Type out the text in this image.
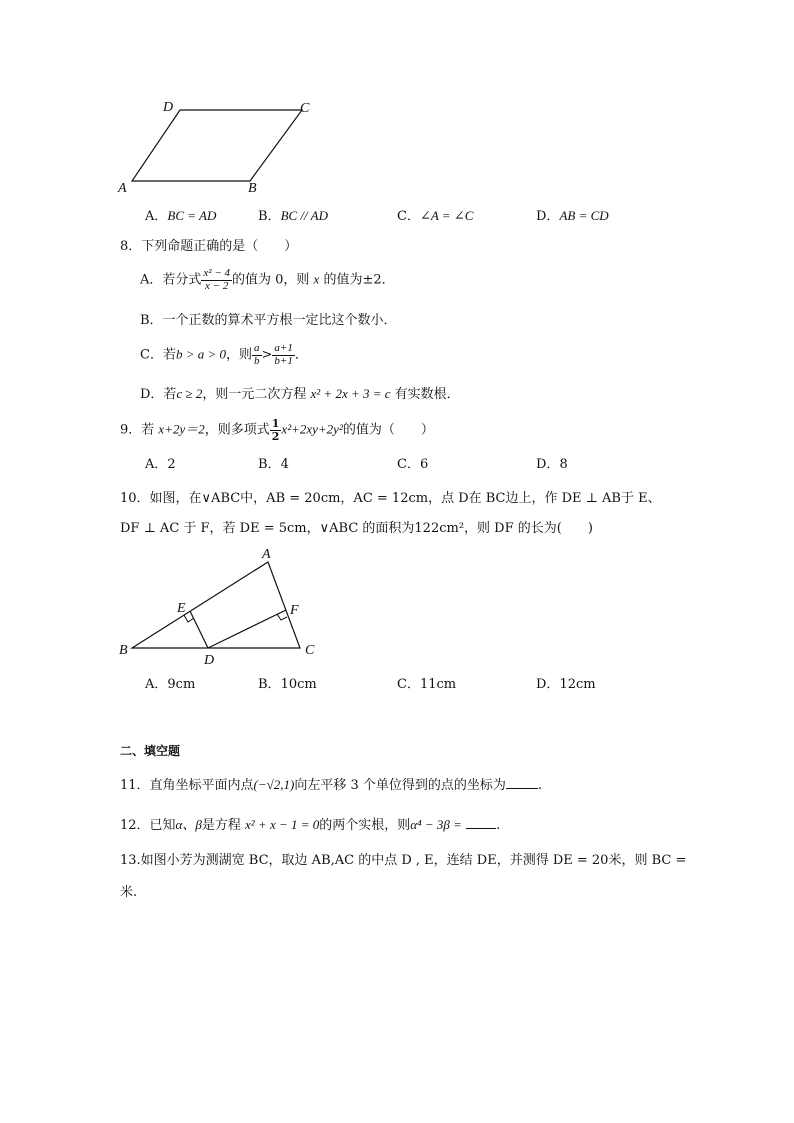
D	C
A	B
A．BC = AD	B．BC // AD	C．∠A = ∠C	D．AB = CD
8．下列命题正确的是（　　）
A．若分式 $\frac{\text{x² − 4}}{x - 2}$ 的值为 0，则 x 的值为±2．
B．一个正数的算术平方根一定比这个数小．
C．若b > a > 0，则 $\frac{a}{b} > \frac{a+1}{b+1}$ ．
D．若c ≥ 2，则一元二次方程 x² + 2x + 3 = c 有实数根．
9．若 x+2y＝2，则多项式 $\frac{1}{2} x^2+2xy+2y^2$的值为（　　）
A．2	B．4	C．6	D．8
10．如图，在∨ABC中，AB = 20cm，AC = 12cm，点 D在 BC边上，作 DE ⊥ AB于 E、
DF ⊥ AC 于 F，若 DE = 5cm，∨ABC 的面积为122cm²，则 DF 的长为(　　)
A
E	F
B
D
C
A．9cm	B．10cm	C．11cm	D．12cm
二、填空题
11．直角坐标平面内点(−√2,1)向左平移 3 个单位得到的点的坐标为 .
12．已知α、β是方程 x² + x − 1 = 0的两个实根，则α⁴ − 3β =	.
13.如图小芳为测湖宽 BC，取边 AB,AC 的中点 D , E，连结 DE，并测得 DE = 20米，则 BC =
米.
